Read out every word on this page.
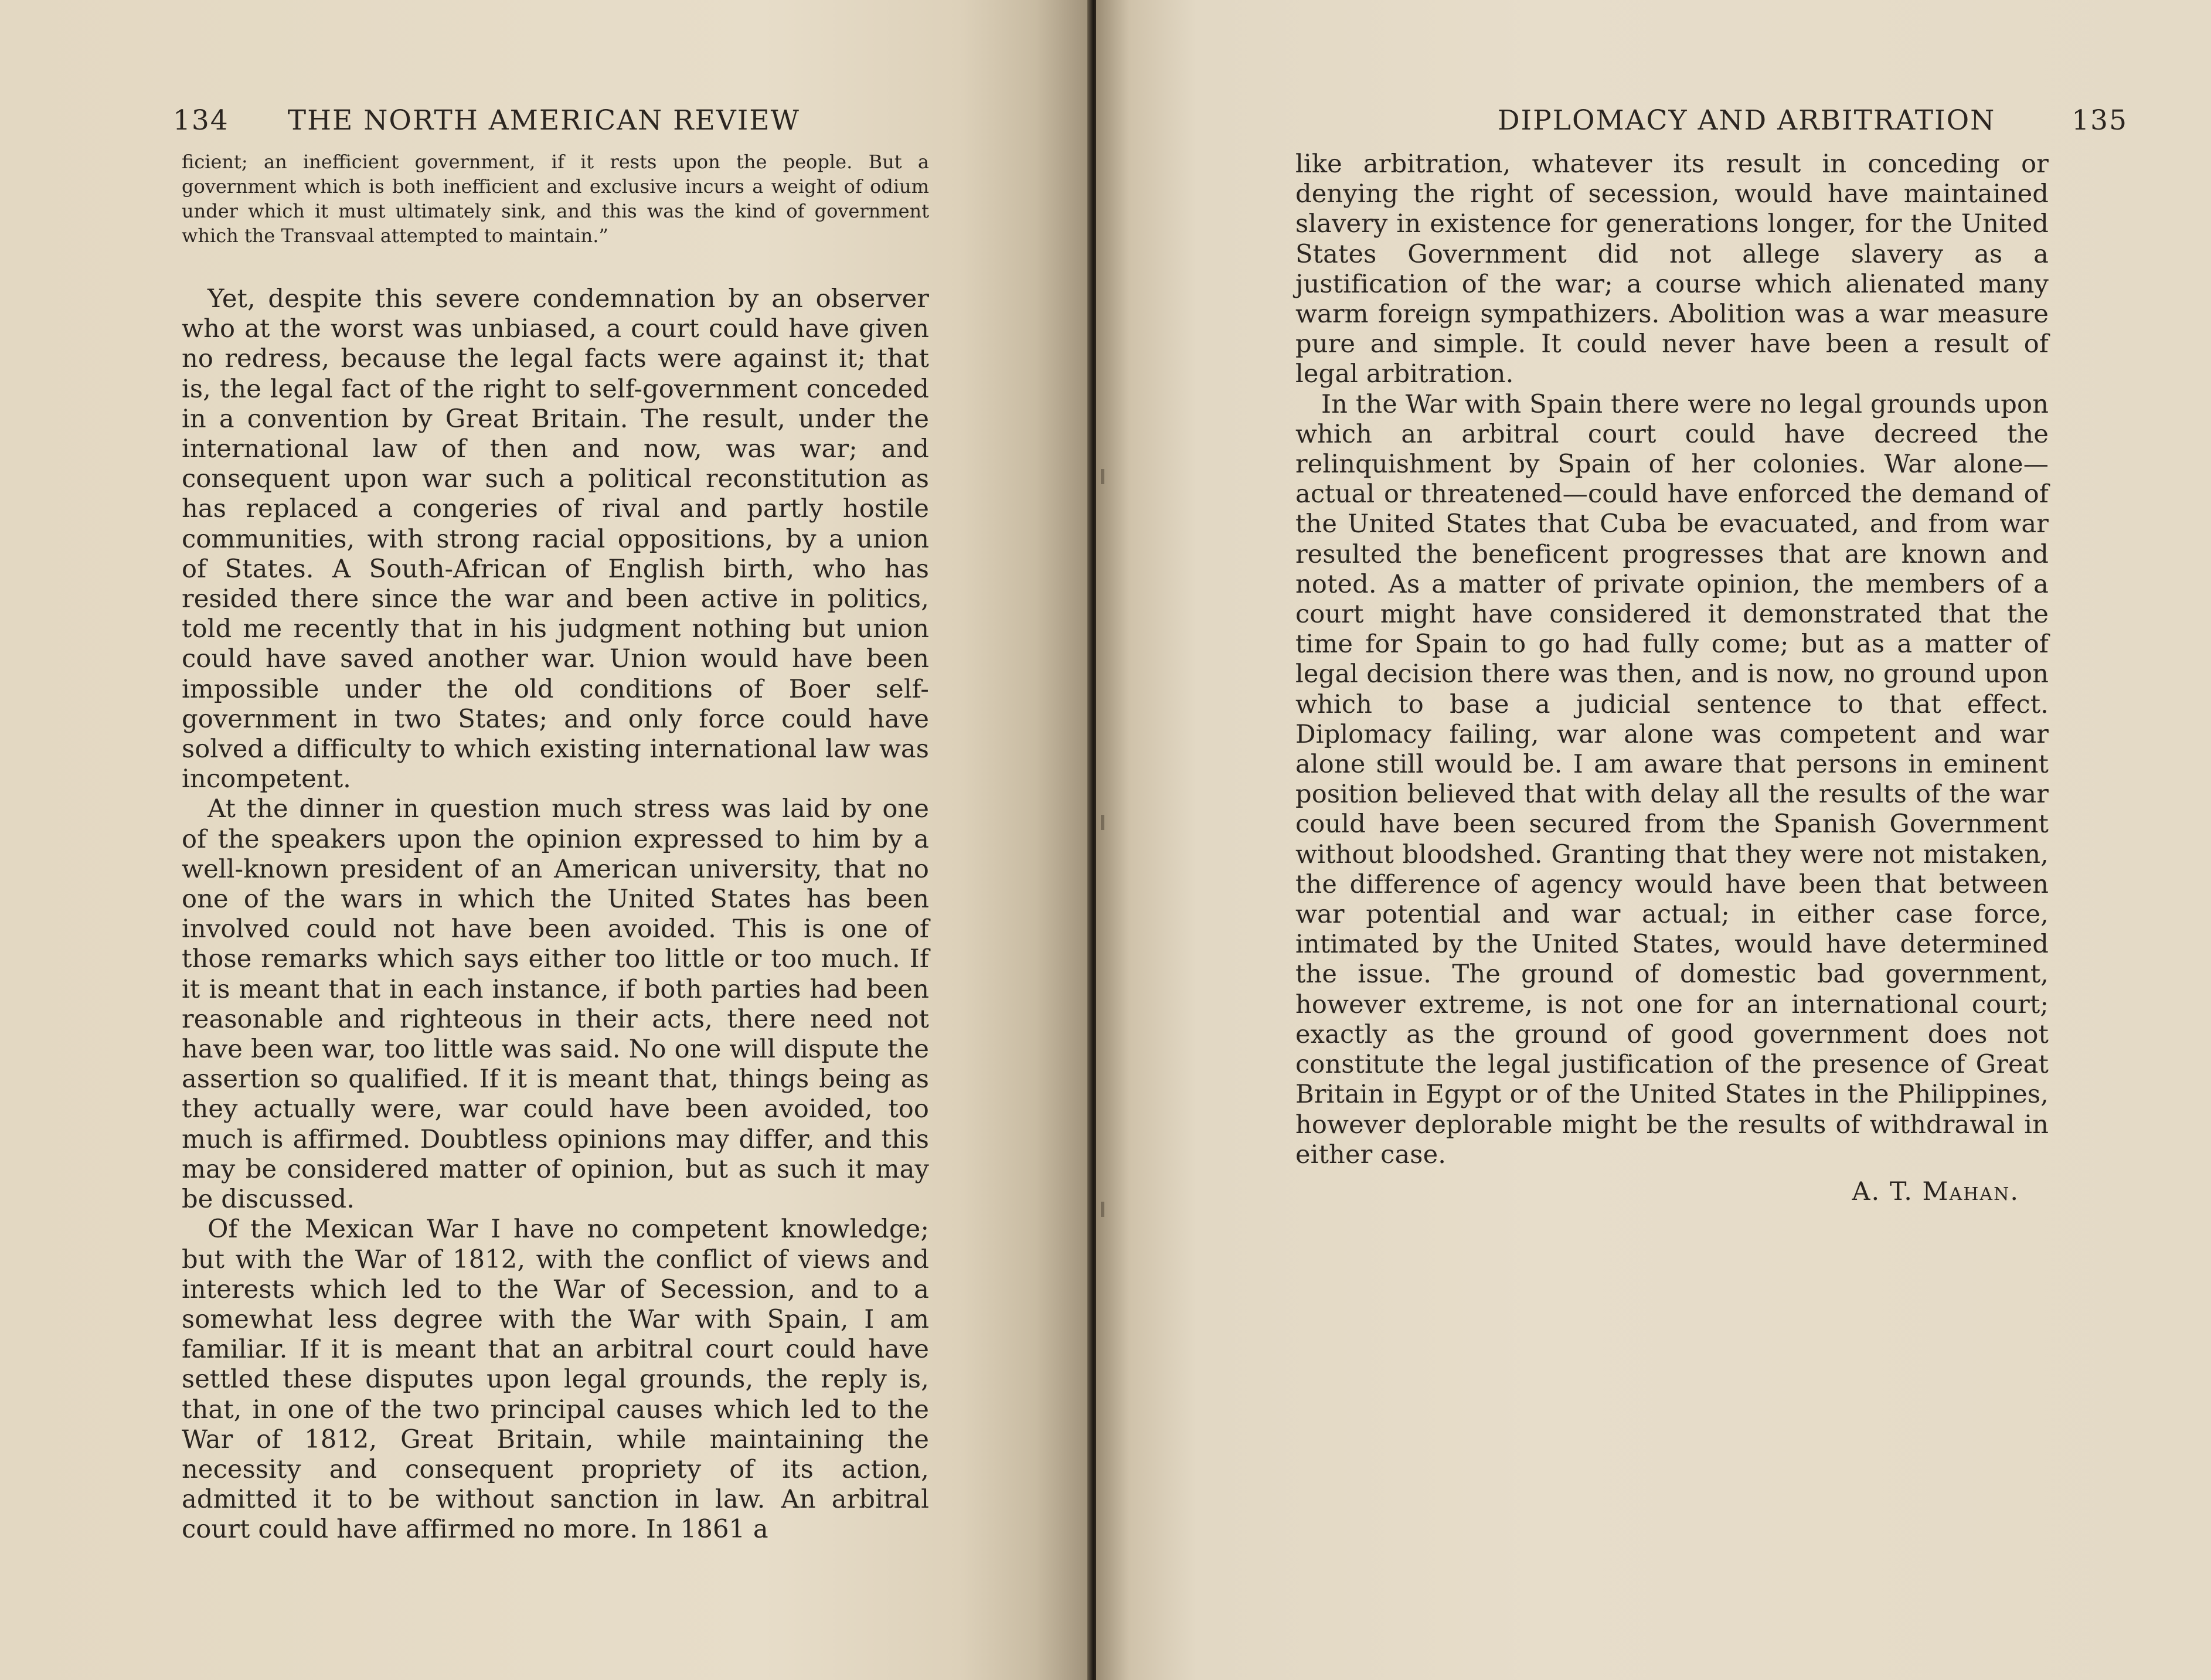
134 THE NORTH AMERICAN REVIEW

ficient; an inefficient government, if it rests upon the people. But a government which is both inefficient and exclusive incurs a weight of odium under which it must ultimately sink, and this was the kind of government which the Transvaal attempted to maintain.”

Yet, despite this severe condemnation by an observer who at the worst was unbiased, a court could have given no redress, because the legal facts were against it; that is, the legal fact of the right to self-government conceded in a convention by Great Britain. The result, under the international law of then and now, was war; and consequent upon war such a political reconstitution as has replaced a congeries of rival and partly hostile communities, with strong racial oppositions, by a union of States. A South-African of English birth, who has resided there since the war and been active in politics, told me recently that in his judgment nothing but union could have saved another war. Union would have been impossible under the old conditions of Boer self-government in two States; and only force could have solved a difficulty to which existing international law was incompetent.

At the dinner in question much stress was laid by one of the speakers upon the opinion expressed to him by a well-known president of an American university, that no one of the wars in which the United States has been involved could not have been avoided. This is one of those remarks which says either too little or too much. If it is meant that in each instance, if both parties had been reasonable and righteous in their acts, there need not have been war, too little was said. No one will dispute the assertion so qualified. If it is meant that, things being as they actually were, war could have been avoided, too much is affirmed. Doubtless opinions may differ, and this may be considered matter of opinion, but as such it may be discussed.

Of the Mexican War I have no competent knowledge; but with the War of 1812, with the conflict of views and interests which led to the War of Secession, and to a somewhat less degree with the War with Spain, I am familiar. If it is meant that an arbitral court could have settled these disputes upon legal grounds, the reply is, that, in one of the two principal causes which led to the War of 1812, Great Britain, while maintaining the necessity and consequent propriety of its action, admitted it to be without sanction in law. An arbitral court could have affirmed no more. In 1861 a

DIPLOMACY AND ARBITRATION	135

like arbitration, whatever its result in conceding or denying the right of secession, would have maintained slavery in existence for generations longer, for the United States Government did not allege slavery as a justification of the war; a course which alienated many warm foreign sympathizers. Abolition was a war measure pure and simple. It could never have been a result of legal arbitration.

In the War with Spain there were no legal grounds upon which an arbitral court could have decreed the relinquishment by Spain of her colonies. War alone—actual or threatened—could have enforced the demand of the United States that Cuba be evacuated, and from war resulted the beneficent progresses that are known and noted. As a matter of private opinion, the members of a court might have considered it demonstrated that the time for Spain to go had fully come; but as a matter of legal decision there was then, and is now, no ground upon which to base a judicial sentence to that effect. Diplomacy failing, war alone was competent and war alone still would be. I am aware that persons in eminent position believed that with delay all the results of the war could have been secured from the Spanish Government without bloodshed. Granting that they were not mistaken, the difference of agency would have been that between war potential and war actual; in either case force, intimated by the United States, would have determined the issue. The ground of domestic bad government, however extreme, is not one for an international court; exactly as the ground of good government does not constitute the legal justification of the presence of Great Britain in Egypt or of the United States in the Philippines, however deplorable might be the results of withdrawal in either case.

A. T. Mahan.
